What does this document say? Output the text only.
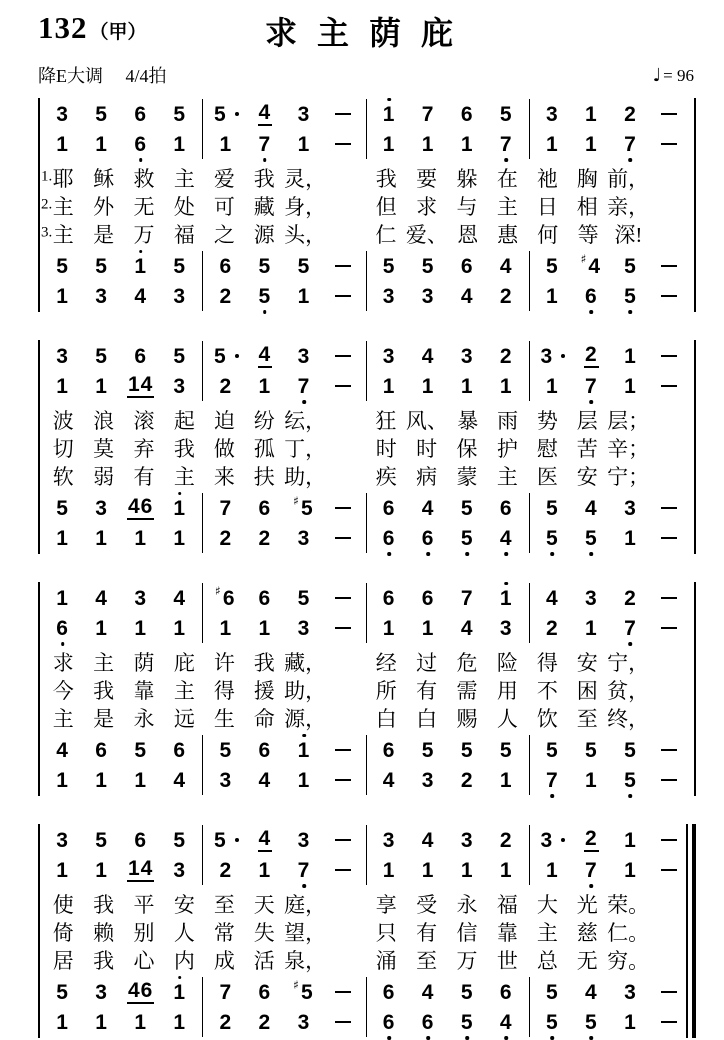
132 （甲）	求 主 荫 庇
降E大调 4/4拍	♩ = 96
3 5 6 5
1 1 6 1
5 4 3
1 7 1
1 7 6 5
1 1 1 7
3 1 2
1 1 7
1. 耶 稣 救 主 爱 我 灵，	我 要 躲 在 祂 胸 前，
2. 主 外 无 处 可 藏 身，	但 求 与 主 日 相 亲，
3. 主 是 万 福 之 源 头，	仁 爱、 恩 惠 何 等 深!
5 5 1 5
1 3 4 3
6 5 5
2 5 1
5 5 6 4
3 3 4 2
5 ♯ 4 5
1 6 5
3 5 6 5
1 1 14 3
5 4 3
2 1 7
3 4 3 2
1 1 1 1
3 2 1
1 7 1
波 浪 滚 起 迫 纷 纭，	狂 风、 暴 雨 势 层 层；
切 莫 弃 我 做 孤 丁，	时 时 保 护 慰 苦 辛；
软 弱 有 主 来 扶 助，	疾 病 蒙 主 医 安 宁；
5 3 46 1
1 1 1 1
7 6 ♯ 5
2 2 3
6 4 5 6
6 6 5 4
5 4 3
5 5 1
1 4 3 4
6 1 1 1
♯ 6 6 5
1 1 3
6 6 7 1
1 1 4 3
4 3 2
2 1 7
求 主 荫 庇 许 我 藏，	经 过 危 险 得 安 宁，
今 我 靠 主 得 援 助，	所 有 需 用 不 困 贫，
主 是 永 远 生 命 源，	白 白 赐 人 饮 至 终，
4 6 5 6
1 1 1 4
5 6 1
3 4 1
6 5 5 5
4 3 2 1
5 5 5
7 1 5
3 5 6 5
1 1 14 3
5 4 3
2 1 7
3 4 3 2
1 1 1 1
3 2 1
1 7 1
使 我 平 安 至 天 庭，	享 受 永 福 大 光 荣。
倚 赖 别 人 常 失 望，	只 有 信 靠 主 慈 仁。
居 我 心 内 成 活 泉，	涌 至 万 世 总 无 穷。
5 3 46 1
1 1 1 1
7 6 ♯ 5
2 2 3
6 4 5 6
6 6 5 4
5 4 3
5 5 1
